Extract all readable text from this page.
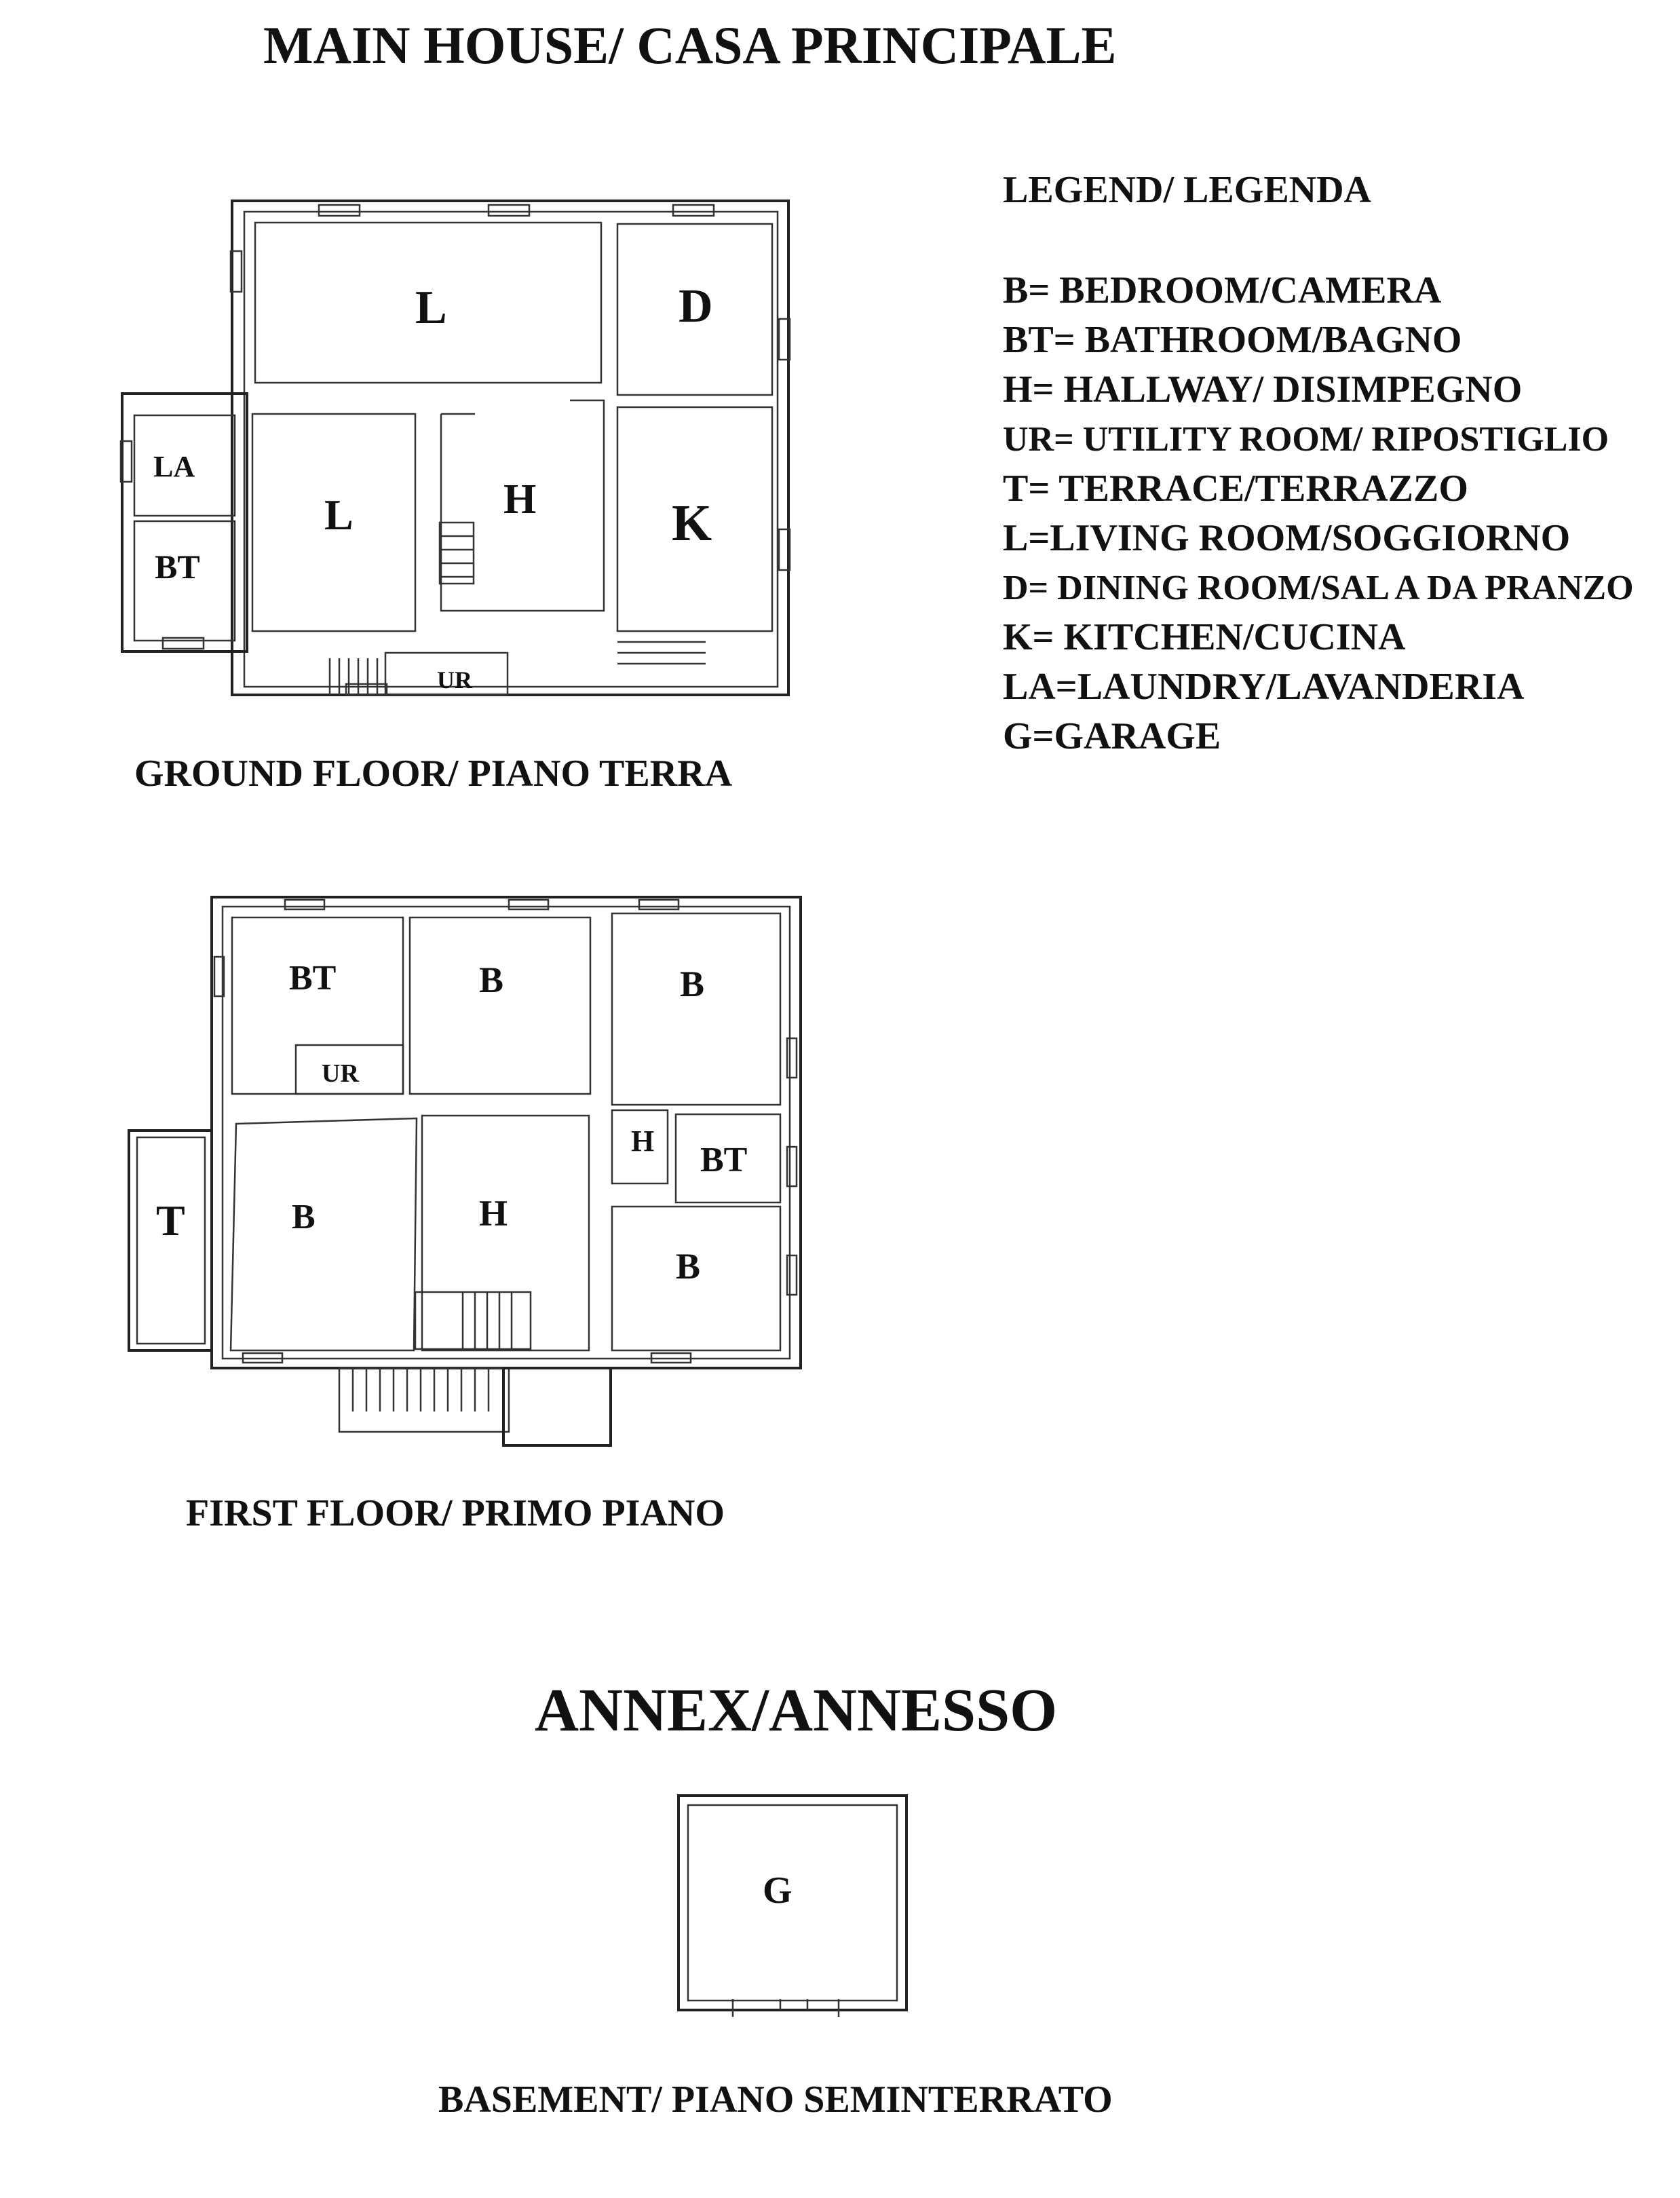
MAIN HOUSE/ CASA PRINCIPALE
LEGEND/ LEGENDA
B= BEDROOM/CAMERA
BT= BATHROOM/BAGNO
H= HALLWAY/ DISIMPEGNO
UR= UTILITY ROOM/ RIPOSTIGLIO
T= TERRACE/TERRAZZO
L=LIVING ROOM/SOGGIORNO
D= DINING ROOM/SAL A DA PRANZO
K= KITCHEN/CUCINA
LA=LAUNDRY/LAVANDERIA
G=GARAGE
L	D
LA
L	H	K
BT
UR
BT	B	B
UR
H BT
T	B	H
B
G
GROUND FLOOR/ PIANO TERRA
FIRST FLOOR/ PRIMO PIANO
ANNEX/ANNESSO
BASEMENT/ PIANO SEMINTERRATO
